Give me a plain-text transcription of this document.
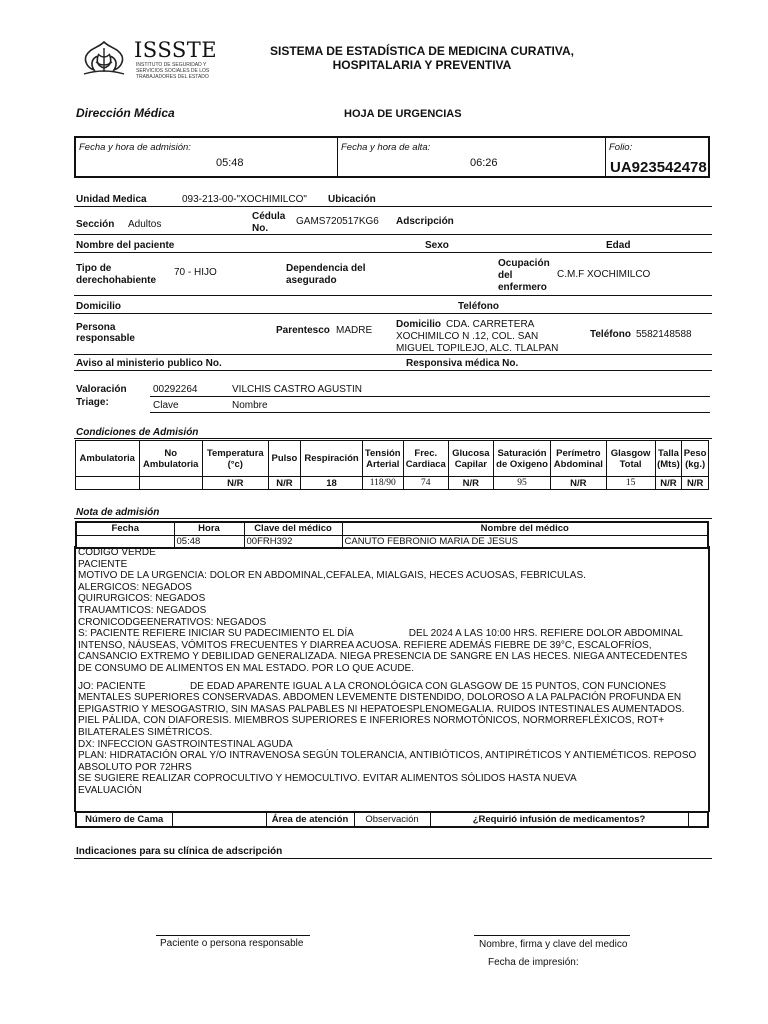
ISSSTE
INSTITUTO DE SEGURIDAD Y SERVICIOS SOCIALES DE LOS TRABAJADORES DEL ESTADO
SISTEMA DE ESTADÍSTICA DE MEDICINA CURATIVA,
HOSPITALARIA Y PREVENTIVA
Dirección Médica	HOJA DE URGENCIAS
Fecha y hora de admisión:
05:48
Fecha y hora de alta:
06:26
Folio:
UA923542478
Unidad Medica	093-213-00-"XOCHIMILCO" Ubicación
Sección Adultos
Cédula
No.
GAMS720517KG6 Adscripción
Nombre del paciente	Sexo	Edad
Tipo de
derechohabiente
70 - HIJO	Dependencia del
asegurado
Ocupación
del
enfermero
C.M.F XOCHIMILCO
Domicilio	Teléfono
Persona
responsable
Parentesco MADRE
Domicilio CDA. CARRETERA
XOCHIMILCO N .12, COL. SAN
MIGUEL TOPILEJO, ALC. TLALPAN
Teléfono 5582148588
Aviso al ministerio publico No.	Responsiva médica No.
Valoración
Triage:
00292264	VILCHIS CASTRO AGUSTIN
Clave	Nombre
Condiciones de Admisión
Ambulatoria	No Ambulatoria	Temperatura (°c)	Pulso	Respiración	Tensión Arterial	Frec. Cardiaca	Glucosa Capilar	Saturación de Oxigeno	Perímetro Abdominal	Glasgow Total	Talla (Mts)	Peso (kg.)
		N/R	N/R	18	118/90	74	N/R	95	N/R	15	N/R	N/R
Nota de admisión
Fecha	Hora	Clave del médico	Nombre del médico
	05:48	00FRH392	CANUTO FEBRONIO MARIA DE JESUS
CODIGO VERDE
PACIENTE
MOTIVO DE LA URGENCIA: DOLOR EN ABDOMINAL,CEFALEA, MIALGAIS, HECES ACUOSAS, FEBRICULAS.
ALERGICOS: NEGADOS
QUIRURGICOS: NEGADOS
TRAUAMTICOS: NEGADOS
CRONICODGEENERATIVOS: NEGADOS
S: PACIENTE REFIERE INICIAR SU PADECIMIENTO EL DÍA                    DEL 2024 A LAS 10:00 HRS. REFIERE DOLOR ABDOMINAL
INTENSO, NÁUSEAS, VÓMITOS FRECUENTES Y DIARREA ACUOSA. REFIERE ADEMÁS FIEBRE DE 39°C, ESCALOFRÍOS,
CANSANCIO EXTREMO Y DEBILIDAD GENERALIZADA. NIEGA PRESENCIA DE SANGRE EN LAS HECES. NIEGA ANTECEDENTES
DE CONSUMO DE ALIMENTOS EN MAL ESTADO. POR LO QUE ACUDE.
JO: PACIENTE                DE EDAD APARENTE IGUAL A LA CRONOLÓGICA CON GLASGOW DE 15 PUNTOS, CON FUNCIONES
MENTALES SUPERIORES CONSERVADAS. ABDOMEN LEVEMENTE DISTENDIDO, DOLOROSO A LA PALPACIÓN PROFUNDA EN
EPIGASTRIO Y MESOGASTRIO, SIN MASAS PALPABLES NI HEPATOESPLENOMEGALIA. RUIDOS INTESTINALES AUMENTADOS.
PIEL PÁLIDA, CON DIAFORESIS. MIEMBROS SUPERIORES E INFERIORES NORMOTÓNICOS, NORMORREFLÉXICOS, ROT+
BILATERALES SIMÉTRICOS.
DX: INFECCION GASTROINTESTINAL AGUDA
PLAN: HIDRATACIÓN ORAL Y/O INTRAVENOSA SEGÚN TOLERANCIA, ANTIBIÓTICOS, ANTIPIRÉTICOS Y ANTIEMÉTICOS. REPOSO
ABSOLUTO POR 72HRS
SE SUGIERE REALIZAR COPROCULTIVO Y HEMOCULTIVO. EVITAR ALIMENTOS SÓLIDOS HASTA NUEVA
EVALUACIÓN
Número de Cama		Área de atención	Observación	¿Requirió infusión de medicamentos?	
Indicaciones para su clínica de adscripción
Paciente o persona responsable	Nombre, firma y clave del medico
Fecha de impresión:
